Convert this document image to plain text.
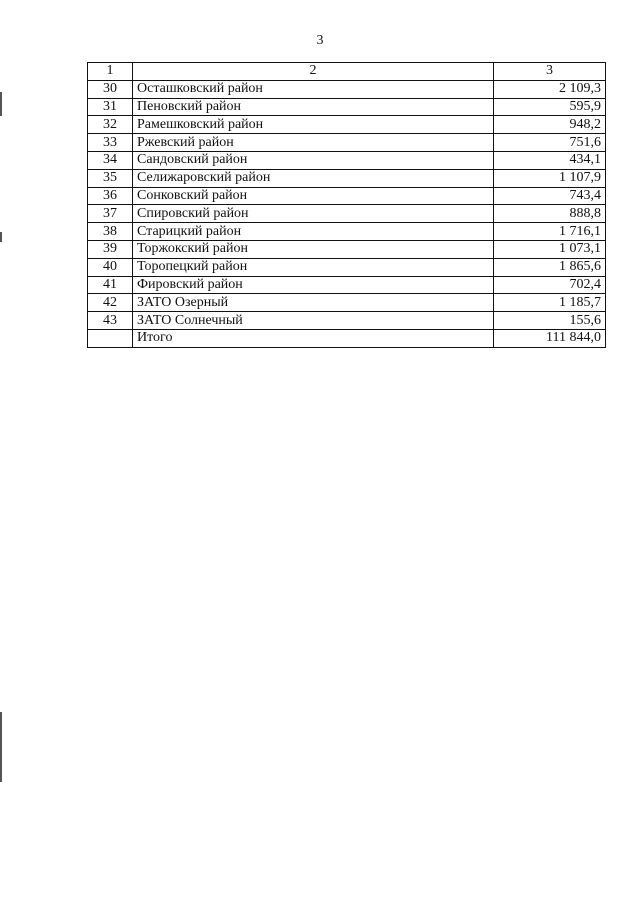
3
1	2	3
30	Осташковский район	2 109,3
31	Пеновский район	595,9
32	Рамешковский район	948,2
33	Ржевский район	751,6
34	Сандовский район	434,1
35	Селижаровский район	1 107,9
36	Сонковский район	743,4
37	Спировский район	888,8
38	Старицкий район	1 716,1
39	Торжокский район	1 073,1
40	Торопецкий район	1 865,6
41	Фировский район	702,4
42	ЗАТО Озерный	1 185,7
43	ЗАТО Солнечный	155,6
	Итого	111 844,0
